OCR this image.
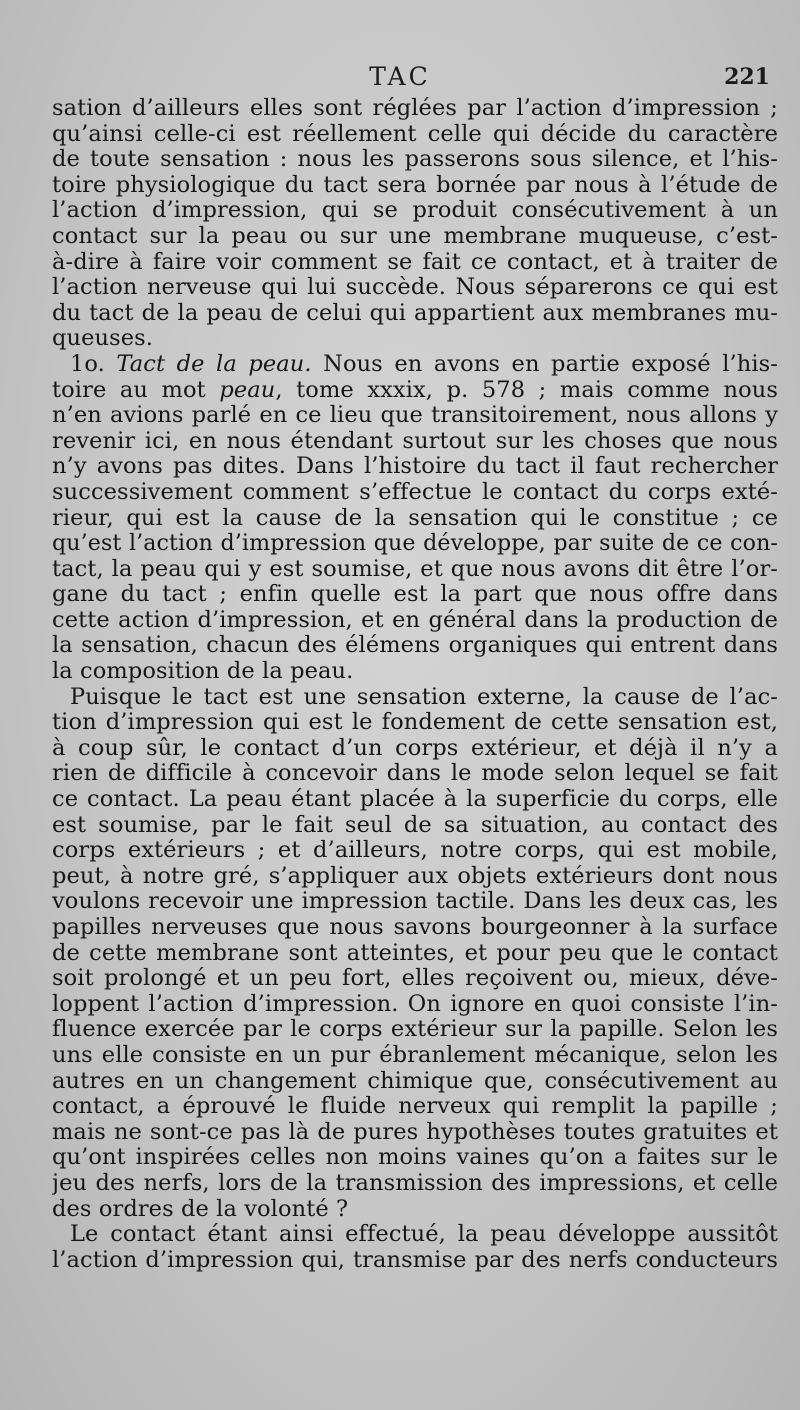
TAC	221
sation d’ailleurs elles sont réglées par l’action d’impression ;
qu’ainsi celle-ci est réellement celle qui décide du caractère
de toute sensation : nous les passerons sous silence, et l’his-
toire physiologique du tact sera bornée par nous à l’étude de
l’action d’impression, qui se produit consécutivement à un
contact sur la peau ou sur une membrane muqueuse, c’est-
à-dire à faire voir comment se fait ce contact, et à traiter de
l’action nerveuse qui lui succède. Nous séparerons ce qui est
du tact de la peau de celui qui appartient aux membranes mu-
queuses.
1o. Tact de la peau. Nous en avons en partie exposé l’his-
toire au mot peau, tome xxxix, p. 578 ; mais comme nous
n’en avions parlé en ce lieu que transitoirement, nous allons y
revenir ici, en nous étendant surtout sur les choses que nous
n’y avons pas dites. Dans l’histoire du tact il faut rechercher
successivement comment s’effectue le contact du corps exté-
rieur, qui est la cause de la sensation qui le constitue ; ce
qu’est l’action d’impression que développe, par suite de ce con-
tact, la peau qui y est soumise, et que nous avons dit être l’or-
gane du tact ; enfin quelle est la part que nous offre dans
cette action d’impression, et en général dans la production de
la sensation, chacun des élémens organiques qui entrent dans
la composition de la peau.
Puisque le tact est une sensation externe, la cause de l’ac-
tion d’impression qui est le fondement de cette sensation est,
à coup sûr, le contact d’un corps extérieur, et déjà il n’y a
rien de difficile à concevoir dans le mode selon lequel se fait
ce contact. La peau étant placée à la superficie du corps, elle
est soumise, par le fait seul de sa situation, au contact des
corps extérieurs ; et d’ailleurs, notre corps, qui est mobile,
peut, à notre gré, s’appliquer aux objets extérieurs dont nous
voulons recevoir une impression tactile. Dans les deux cas, les
papilles nerveuses que nous savons bourgeonner à la surface
de cette membrane sont atteintes, et pour peu que le contact
soit prolongé et un peu fort, elles reçoivent ou, mieux, déve-
loppent l’action d’impression. On ignore en quoi consiste l’in-
fluence exercée par le corps extérieur sur la papille. Selon les
uns elle consiste en un pur ébranlement mécanique, selon les
autres en un changement chimique que, consécutivement au
contact, a éprouvé le fluide nerveux qui remplit la papille ;
mais ne sont-ce pas là de pures hypothèses toutes gratuites et
qu’ont inspirées celles non moins vaines qu’on a faites sur le
jeu des nerfs, lors de la transmission des impressions, et celle
des ordres de la volonté ?
Le contact étant ainsi effectué, la peau développe aussitôt
l’action d’impression qui, transmise par des nerfs conducteurs
